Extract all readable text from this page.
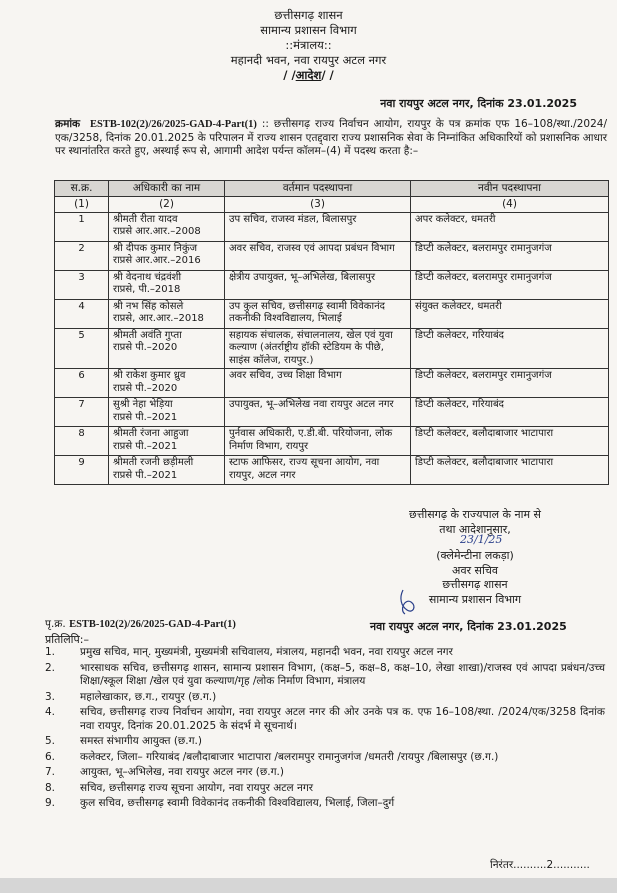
छत्तीसगढ़ शासन
सामान्य प्रशासन विभाग
::मंत्रालय::
महानदी भवन, नवा रायपुर अटल नगर
/ /आदेश/ /
नवा रायपुर अटल नगर, दिनांक 23.01.2025
क्रमांक ESTB-102(2)/26/2025-GAD-4-Part(1) :: छत्तीसगढ़ राज्य निर्वाचन आयोग, रायपुर के पत्र क्रमांक एफ 16–108/स्था./2024/एक/3258, दिनांक 20.01.2025 के परिपालन में राज्य शासन एतद्द्वारा राज्य प्रशासनिक सेवा के निम्नांकित अधिकारियों को प्रशासनिक आधार पर स्थानांतरित करते हुए, अस्थाई रूप से, आगामी आदेश पर्यन्त कॉलम–(4) में पदस्थ करता है:–
स.क्र.	अधिकारी का नाम	वर्तमान पदस्थापना	नवीन पदस्थापना
(1)	(2)	(3)	(4)

1	श्रीमती रीता यादव
राप्रसे आर.आर.–2008	उप सचिव, राजस्व मंडल, बिलासपुर	अपर कलेक्टर, धमतरी

2	श्री दीपक कुमार निकुंज
राप्रसे आर.आर.–2016	अवर सचिव, राजस्व एवं आपदा प्रबंधन विभाग	डिप्टी कलेक्टर, बलरामपुर रामानुजगंज

3	श्री वेदनाथ चंद्रवंशी
राप्रसे, पी.–2018	क्षेत्रीय उपायुक्त, भू–अभिलेख, बिलासपुर	डिप्टी कलेक्टर, बलरामपुर रामानुजगंज

4	श्री नभ सिंह कोसले
राप्रसे, आर.आर.–2018	उप कुल सचिव, छत्तीसगढ़ स्वामी विवेकानंद तकनीकी विश्वविद्यालय, भिलाई	संयुक्त कलेक्टर, धमतरी

5	श्रीमती अवंति गुप्ता
राप्रसे पी.–2020	सहायक संचालक, संचालनालय, खेल एवं युवा कल्याण (अंतर्राष्ट्रीय हॉकी स्टेडियम के पीछे, साइंस कॉलेज, रायपुर.)	डिप्टी कलेक्टर, गरियाबंद

6	श्री राकेश कुमार ध्रुव
राप्रसे पी.–2020	अवर सचिव, उच्च शिक्षा विभाग	डिप्टी कलेक्टर, बलरामपुर रामानुजगंज

7	सुश्री नेहा भेड़िया
राप्रसे पी.–2021	उपायुक्त, भू–अभिलेख नवा रायपुर अटल नगर	डिप्टी कलेक्टर, गरियाबंद

8	श्रीमती रंजना आहुजा
राप्रसे पी.–2021	पुर्नवास अधिकारी, ए.डी.बी. परियोजना, लोक निर्माण विभाग, रायपुर	डिप्टी कलेक्टर, बलौदाबाजार भाटापारा

9	श्रीमती रजनी छड़ीमली
राप्रसे पी.–2021	स्टाफ आफिसर, राज्य सूचना आयोग, नवा रायपुर, अटल नगर	डिप्टी कलेक्टर, बलौदाबाजार भाटापारा
छत्तीसगढ़ के राज्यपाल के नाम से
तथा आदेशानुसार,
23/1/25
(क्लेमेन्टीना लकड़ा)
अवर सचिव
छत्तीसगढ़ शासन
सामान्य प्रशासन विभाग
पृ.क्र. ESTB-102(2)/26/2025-GAD-4-Part(1)	नवा रायपुर अटल नगर, दिनांक 23.01.2025
प्रतिलिपि:–
1.	प्रमुख सचिव, मान्. मुख्यमंत्री, मुख्यमंत्री सचिवालय, मंत्रालय, महानदी भवन, नवा रायपुर अटल नगर
2.	भारसाधक सचिव, छत्तीसगढ़ शासन, सामान्य प्रशासन विभाग, (कक्ष–5, कक्ष–8, कक्ष–10, लेखा शाखा)/राजस्व एवं आपदा प्रबंधन/उच्च शिक्षा/स्कूल शिक्षा /खेल एवं युवा कल्याण/गृह /लोक निर्माण विभाग, मंत्रालय
3.	महालेखाकार, छ.ग., रायपुर (छ.ग.)
4.	सचिव, छत्तीसगढ़ राज्य निर्वाचन आयोग, नवा रायपुर अटल नगर की ओर उनके पत्र क. एफ 16–108/स्था. /2024/एक/3258 दिनांक नवा रायपुर, दिनांक 20.01.2025 के संदर्भ मे सूचनार्थ।
5.	समस्त संभागीय आयुक्त (छ.ग.)
6.	कलेक्टर, जिला– गरियाबंद /बलौदाबाजार भाटापारा /बलरामपुर रामानुजगंज /धमतरी /रायपुर /बिलासपुर (छ.ग.)
7.	आयुक्त, भू–अभिलेख, नवा रायपुर अटल नगर (छ.ग.)
8.	सचिव, छत्तीसगढ़ राज्य सूचना आयोग, नवा रायपुर अटल नगर
9.	कुल सचिव, छत्तीसगढ़ स्वामी विवेकानंद तकनीकी विश्वविद्यालय, भिलाई, जिला–दुर्ग
निरंतर..........2...........
